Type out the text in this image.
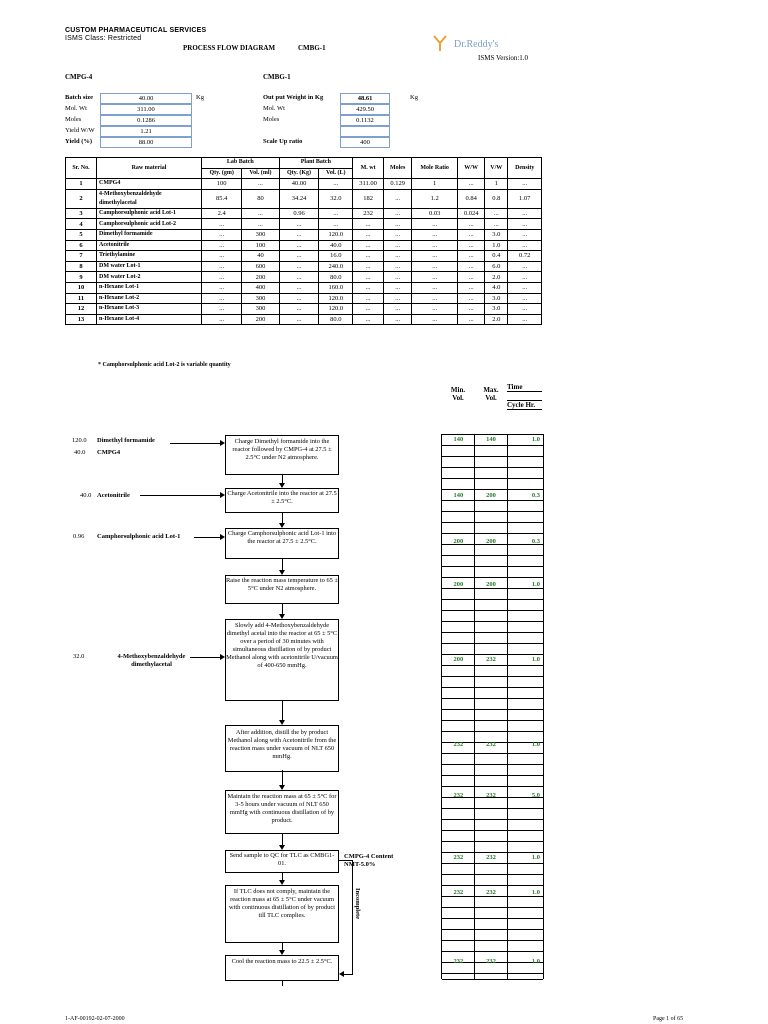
CUSTOM PHARMACEUTICAL SERVICES
ISMS Class: Restricted
PROCESS FLOW DIAGRAM	CMBG-1	Dr.Reddy's
ISMS Version:1.0
CMPG-4
Batch size	40.00	Kg
Mol. Wt	311.00
Moles	0.1286
Yield W/W	1.21
Yield (%)	88.00
CMBG-1
Out put Weight in Kg	48.61	Kg
Mol. Wt	429.50
Moles	0.1132
Scale Up ratio	400
Sr. No.	Raw material	Lab Batch		Plant Batch		M. wt	Moles	Mole Ratio	W/W	V/W	Density
		Qty. (gm)	Vol. (ml)	Qty. (Kg)	Vol. (L)						
1	CMPG4	100	...	40.00	...	311.00	0.129	1	...	1	...
2	4-Methoxybenzaldehyde dimethylacetal	85.4	80	34.24	32.0	182	...	1.2	0.84	0.8	1.07
3	Camphorsulphonic acid Lot-1	2.4	...	0.96	...	232	...	0.03	0.024	...	...
4	Camphorsulphonic acid Lot-2	...	...	...	...	...	...	...	...	...	...
5	Dimethyl formamide	...	300	...	120.0	...	...	...	...	3.0	...
6	Acetonitrile	...	100	...	40.0	...	...	...	...	1.0	...
7	Triethylamine	...	40	...	16.0	...	...	...	...	0.4	0.72
8	DM water Lot-1	...	600	...	240.0	...	...	...	...	6.0	...
9	DM water Lot-2	...	200	...	80.0	...	...	...	...	2.0	...
10	n-Hexane Lot-1	...	400	...	160.0	...	...	...	...	4.0	...
11	n-Hexane Lot-2	...	300	...	120.0	...	...	...	...	3.0	...
12	n-Hexane Lot-3	...	300	...	120.0	...	...	...	...	3.0	...
13	n-Hexane Lot-4	...	200	...	80.0	...	...	...	...	2.0	...
* Camphorsulphonic acid Lot-2 is variable quantity
Min. Vol.
Max. Vol.
Time
Cycle Hr.
120.0 Dimethyl formamide
40.0 CMPG4
40.0 Acetonitrile
0.96 Camphorsulphonic acid Lot-1
32.0	4-Methoxybenzaldehyde dimethylacetal
Charge Dimethyl formamide into the reactor followed by CMPG-4 at 27.5 ± 2.5°C under N2 atmosphere.
Charge Acetonitrile into the reactor at 27.5 ± 2.5°C.
Charge Camphorsulphonic acid Lot-1 into the reactor at 27.5 ± 2.5°C.
Raise the reaction mass temperature to 65 ± 5°C under N2 atmosphere.
Slowly add 4-Methoxybenzaldehyde dimethyl acetal into the reactor at 65 ± 5°C over a period of 30 minutes with simultaneous distillation of by product Methanol along with acetonitrile U/vacuum of 400-650 mmHg.
After addition, distill the by product Methanol along with Acetonitrile from the reaction mass under vacuum of NLT 650 mmHg.
Maintain the reaction mass at 65 ± 5°C for 3-5 hours under vacuum of NLT 650 mmHg with continuous distillation of by product.
Send sample to QC for TLC as CMBG1-01.
If TLC does not comply, maintain the reaction mass at 65 ± 5°C under vacuum with continuous distillation of by product till TLC complies.
Cool the reaction mass to 22.5 ± 2.5°C.
CMPG-4 Content NMT-5.0%
Incomplete
140	140	1.0
140	200	0.3
200	200	0.3
200	200	1.0
200	232	1.0
232	232	1.0
232	232	5.0
232	232	1.0
232	232	1.0
232	232	1.0
1-AF-00192-02-07-2000	Page 1 of 65
